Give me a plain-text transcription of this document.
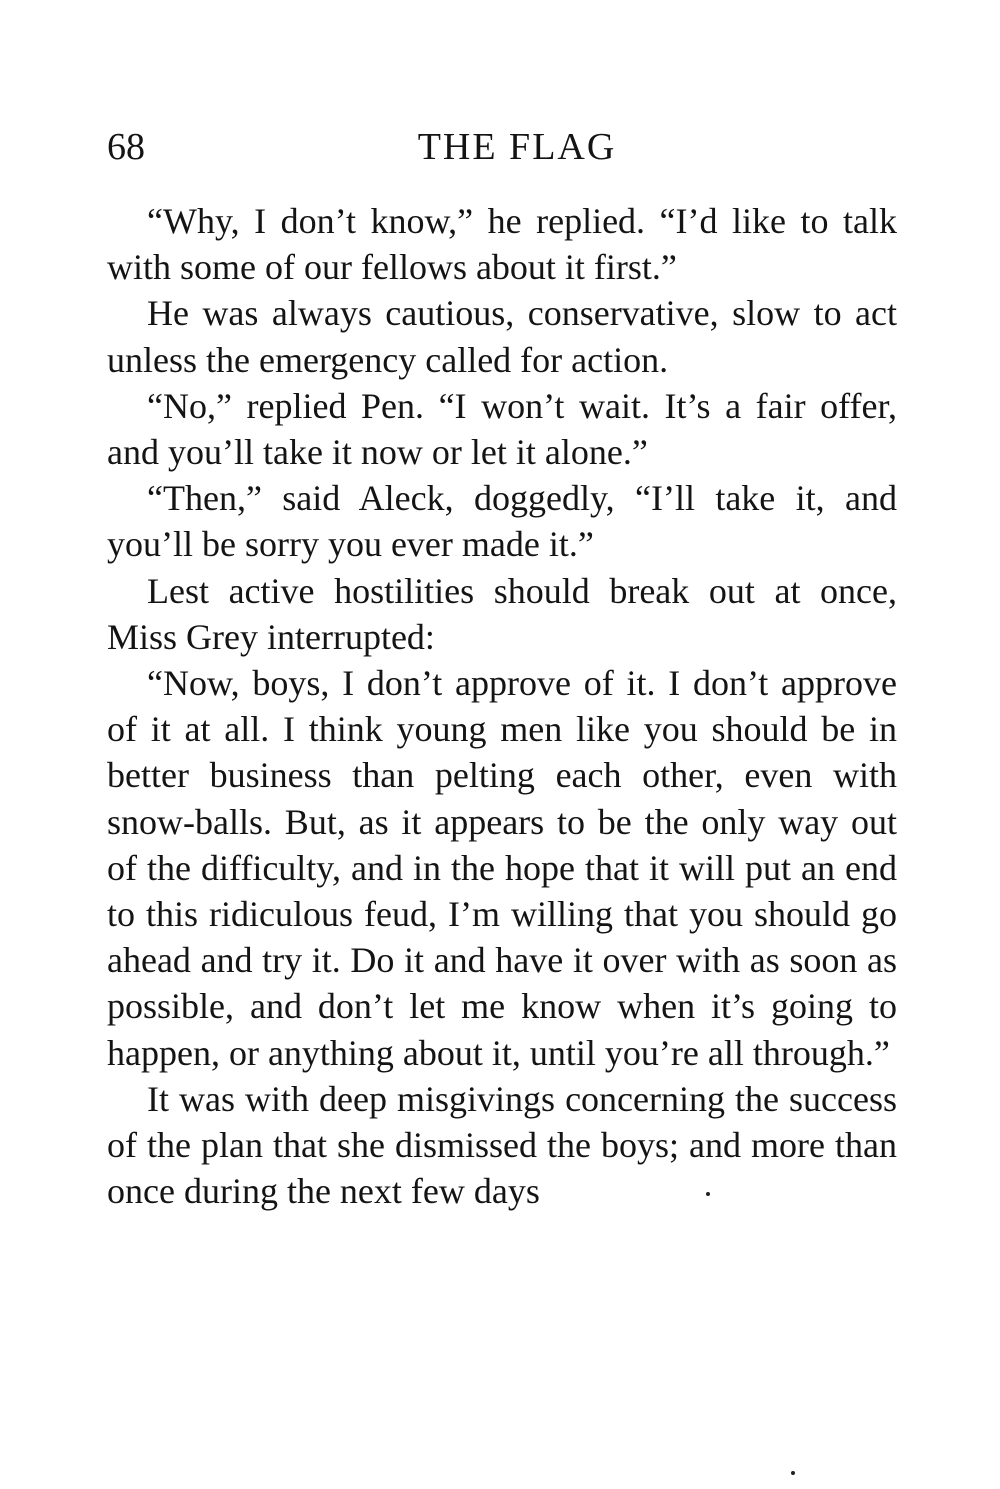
68	THE FLAG

“Why, I don’t know,” he replied. “I’d like to talk with some of our fellows about it first.”

He was always cautious, conservative, slow to act unless the emergency called for action.

“No,” replied Pen. “I won’t wait. It’s a fair offer, and you’ll take it now or let it alone.”

“Then,” said Aleck, doggedly, “I’ll take it, and you’ll be sorry you ever made it.”

Lest active hostilities should break out at once, Miss Grey interrupted:

“Now, boys, I don’t approve of it. I don’t approve of it at all. I think young men like you should be in better business than pelting each other, even with snow-balls. But, as it appears to be the only way out of the difficulty, and in the hope that it will put an end to this ridiculous feud, I’m willing that you should go ahead and try it. Do it and have it over with as soon as possible, and don’t let me know when it’s going to happen, or anything about it, until you’re all through.”

It was with deep misgivings concerning the success of the plan that she dismissed the boys; and more than once during the next few days
